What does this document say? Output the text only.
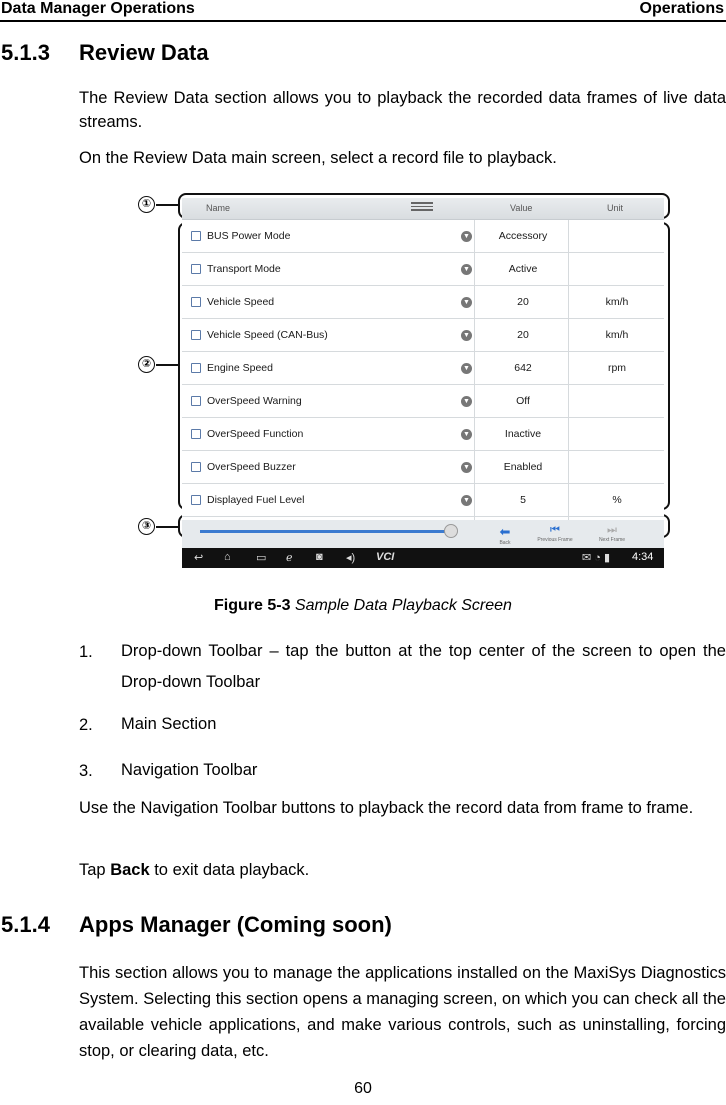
Data Manager Operations	Operations
5.1.3 Review Data
The Review Data section allows you to playback the recorded data frames of live data streams.
On the Review Data main screen, select a record file to playback.
①
②
③
Name	Value	Unit
BUS Power Mode	▼	Accessory
Transport Mode	▼	Active
Vehicle Speed	▼	20	km/h
Vehicle Speed (CAN-Bus)	▼	20	km/h
Engine Speed	▼	642	rpm
OverSpeed Warning	▼	Off
OverSpeed Function	▼	Inactive
OverSpeed Buzzer	▼	Enabled
Displayed Fuel Level	▼	5	%
⬅
Back
⏮
Previous Frame
⏭
Next Frame
↩ ⌂ ▭ ℯ ◙ ◂) VCI	✉ ◔ ▮ 4:34
Figure 5-3 Sample Data Playback Screen
1. Drop-down Toolbar – tap the button at the top center of the screen to open the Drop-down Toolbar
2. Main Section
3. Navigation Toolbar
Use the Navigation Toolbar buttons to playback the record data from frame to frame.
Tap Back to exit data playback.
5.1.4 Apps Manager (Coming soon)
This section allows you to manage the applications installed on the MaxiSys Diagnostics System. Selecting this section opens a managing screen, on which you can check all the available vehicle applications, and make various controls, such as uninstalling, forcing stop, or clearing data, etc.
60
